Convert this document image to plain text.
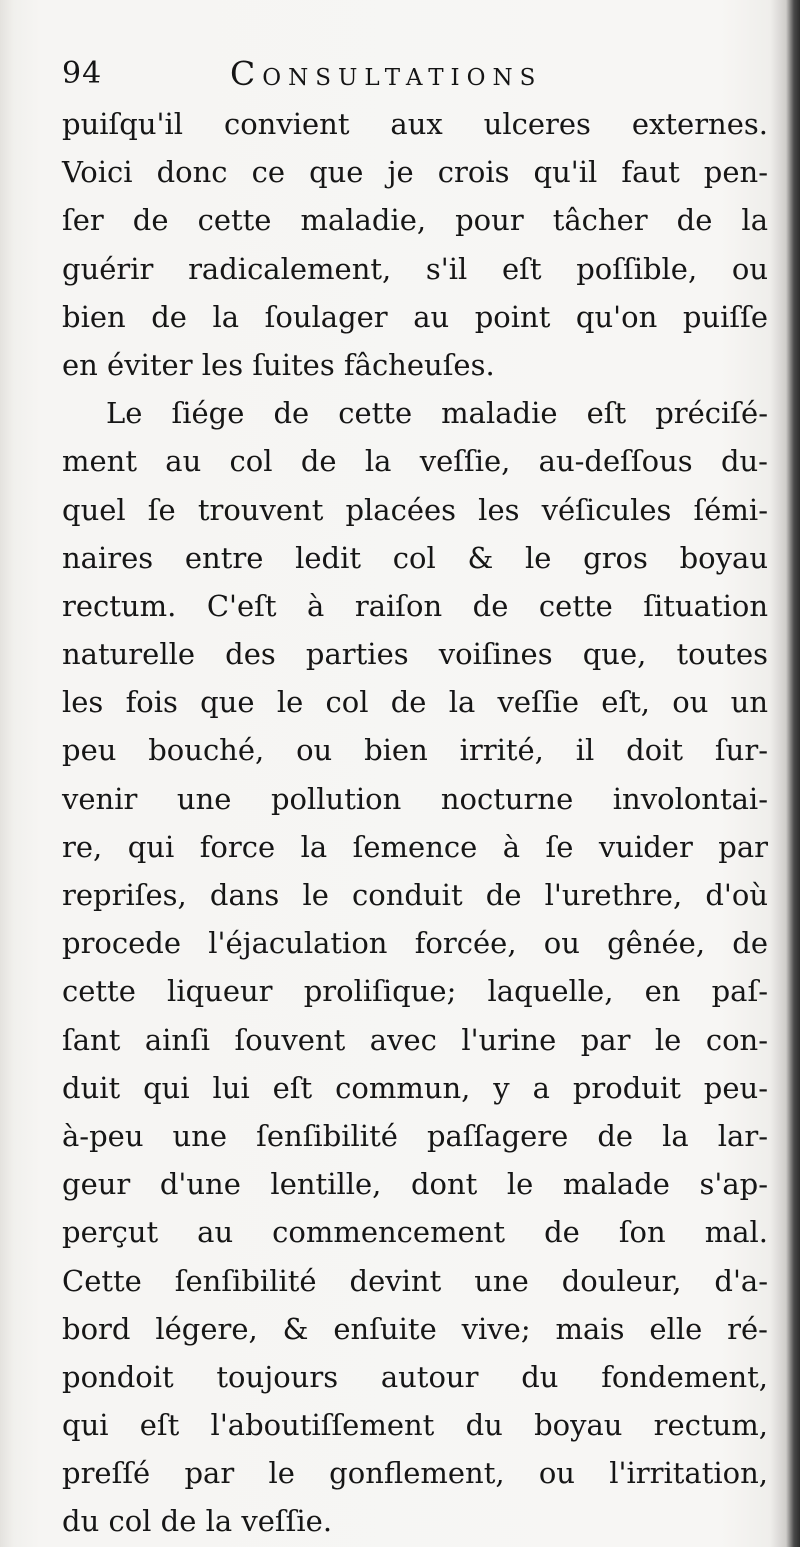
94	Consultations
puiſqu'il convient aux ulceres externes.
Voici donc ce que je crois qu'il faut pen-
ſer de cette maladie, pour tâcher de la
guérir radicalement, s'il eſt poſſible, ou
bien de la ſoulager au point qu'on puiſſe
en éviter les ſuites fâcheuſes.
Le ſiége de cette maladie eſt préciſé-
ment au col de la veſſie, au-deſſous du-
quel ſe trouvent placées les véſicules ſémi-
naires entre ledit col & le gros boyau
rectum. C'eſt à raiſon de cette ſituation
naturelle des parties voiſines que, toutes
les fois que le col de la veſſie eſt, ou un
peu bouché, ou bien irrité, il doit ſur-
venir une pollution nocturne involontai-
re, qui force la ſemence à ſe vuider par
repriſes, dans le conduit de l'urethre, d'où
procede l'éjaculation forcée, ou gênée, de
cette liqueur proliſique; laquelle, en paſ-
ſant ainſi ſouvent avec l'urine par le con-
duit qui lui eſt commun, y a produit peu-
à-peu une ſenſibilité paſſagere de la lar-
geur d'une lentille, dont le malade s'ap-
perçut au commencement de ſon mal.
Cette ſenſibilité devint une douleur, d'a-
bord légere, & enſuite vive; mais elle ré-
pondoit toujours autour du fondement,
qui eſt l'aboutiſſement du boyau rectum,
preſſé par le gonflement, ou l'irritation,
du col de la veſſie.
